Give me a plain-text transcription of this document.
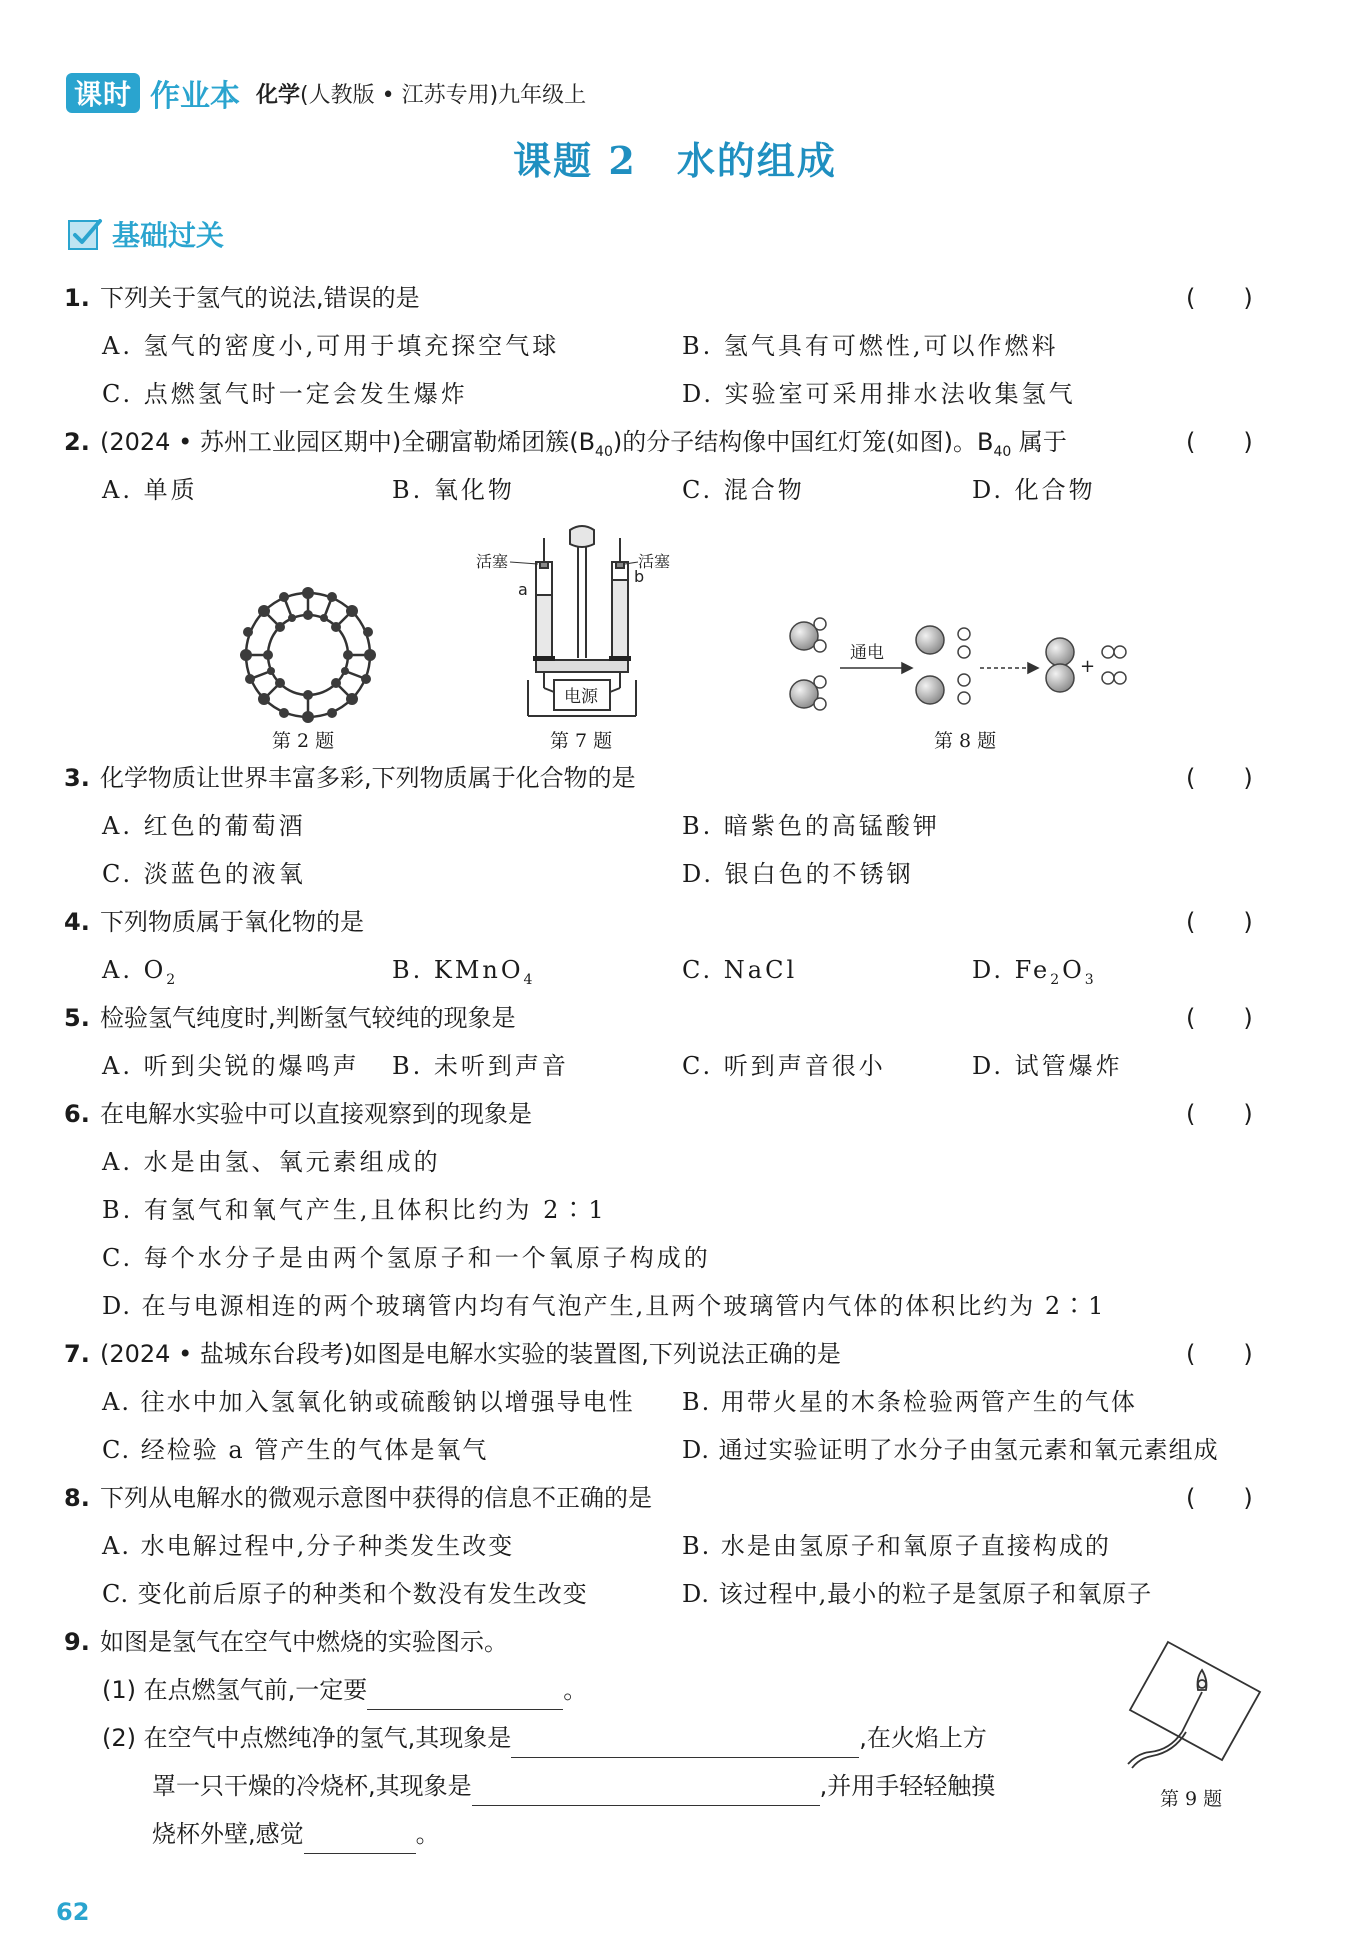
课时 作业本 化学(人教版 • 江苏专用)九年级上
课题 2　水的组成
基础过关
1. 下列关于氢气的说法,错误的是	(　　)
A. 氢气的密度小,可用于填充探空气球	B. 氢气具有可燃性,可以作燃料
C. 点燃氢气时一定会发生爆炸	D. 实验室可采用排水法收集氢气
2. (2024 • 苏州工业园区期中)全硼富勒烯团簇$(B_{40})$的分子结构像中国红灯笼(如图)。$B_{40}$ 属于	(　　)
A. 单质	B. 氧化物	C. 混合物	D. 化合物
第 2 题
活塞	活塞
a
b
电源
第 7 题
通电
+
第 8 题
3. 化学物质让世界丰富多彩,下列物质属于化合物的是	(　　)
A. 红色的葡萄酒	B. 暗紫色的高锰酸钾
C. 淡蓝色的液氧	D. 银白色的不锈钢
4. 下列物质属于氧化物的是	(　　)
A. $O_2$	B. KMnO$_4$	C. NaCl	D. $Fe_2O_3$
5. 检验氢气纯度时,判断氢气较纯的现象是	(　　)
A. 听到尖锐的爆鸣声 B. 未听到声音	C. 听到声音很小	D. 试管爆炸
6. 在电解水实验中可以直接观察到的现象是	(　　)
A. 水是由氢、氧元素组成的
B. 有氢气和氧气产生,且体积比约为 2∶1
C. 每个水分子是由两个氢原子和一个氧原子构成的
D. 在与电源相连的两个玻璃管内均有气泡产生,且两个玻璃管内气体的体积比约为 2∶1
7. (2024 • 盐城东台段考)如图是电解水实验的装置图,下列说法正确的是	(　　)
A. 往水中加入氢氧化钠或硫酸钠以增强导电性 B. 用带火星的木条检验两管产生的气体
C. 经检验 a 管产生的气体是氧气	D. 通过实验证明了水分子由氢元素和氧元素组成
8. 下列从电解水的微观示意图中获得的信息不正确的是	(　　)
A. 水电解过程中,分子种类发生改变	B. 水是由氢原子和氧原子直接构成的
C. 变化前后原子的种类和个数没有发生改变	D. 该过程中,最小的粒子是氢原子和氧原子
9. 如图是氢气在空气中燃烧的实验图示。
(1) 在点燃氢气前,一定要	。
(2) 在空气中点燃纯净的氢气,其现象是	,在火焰上方
罩一只干燥的冷烧杯,其现象是	,并用手轻轻触摸
烧杯外壁,感觉	。
第 9 题
62
